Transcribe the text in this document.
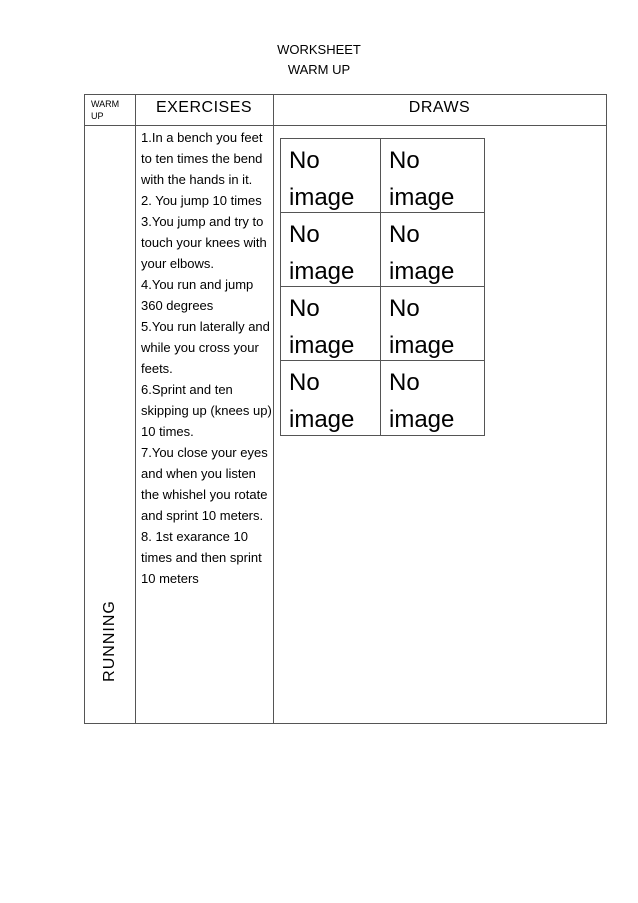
WORKSHEET
WARM UP
WARM UP	EXERCISES	DRAWS
RUNNING
1.In a bench you feet to ten times the bend with the hands in it.
2. You jump 10 times
3.You jump and try to touch your knees with your elbows.
4.You run and jump 360 degrees
5.You run laterally and while you cross your feets.
6.Sprint and ten skipping up (knees up) 10 times.
7.You close your eyes and when you listen the whishel you rotate and sprint 10 meters.
8. 1st exarance 10 times and then sprint 10 meters
No image
No image
No image
No image
No image
No image
No image
No image
